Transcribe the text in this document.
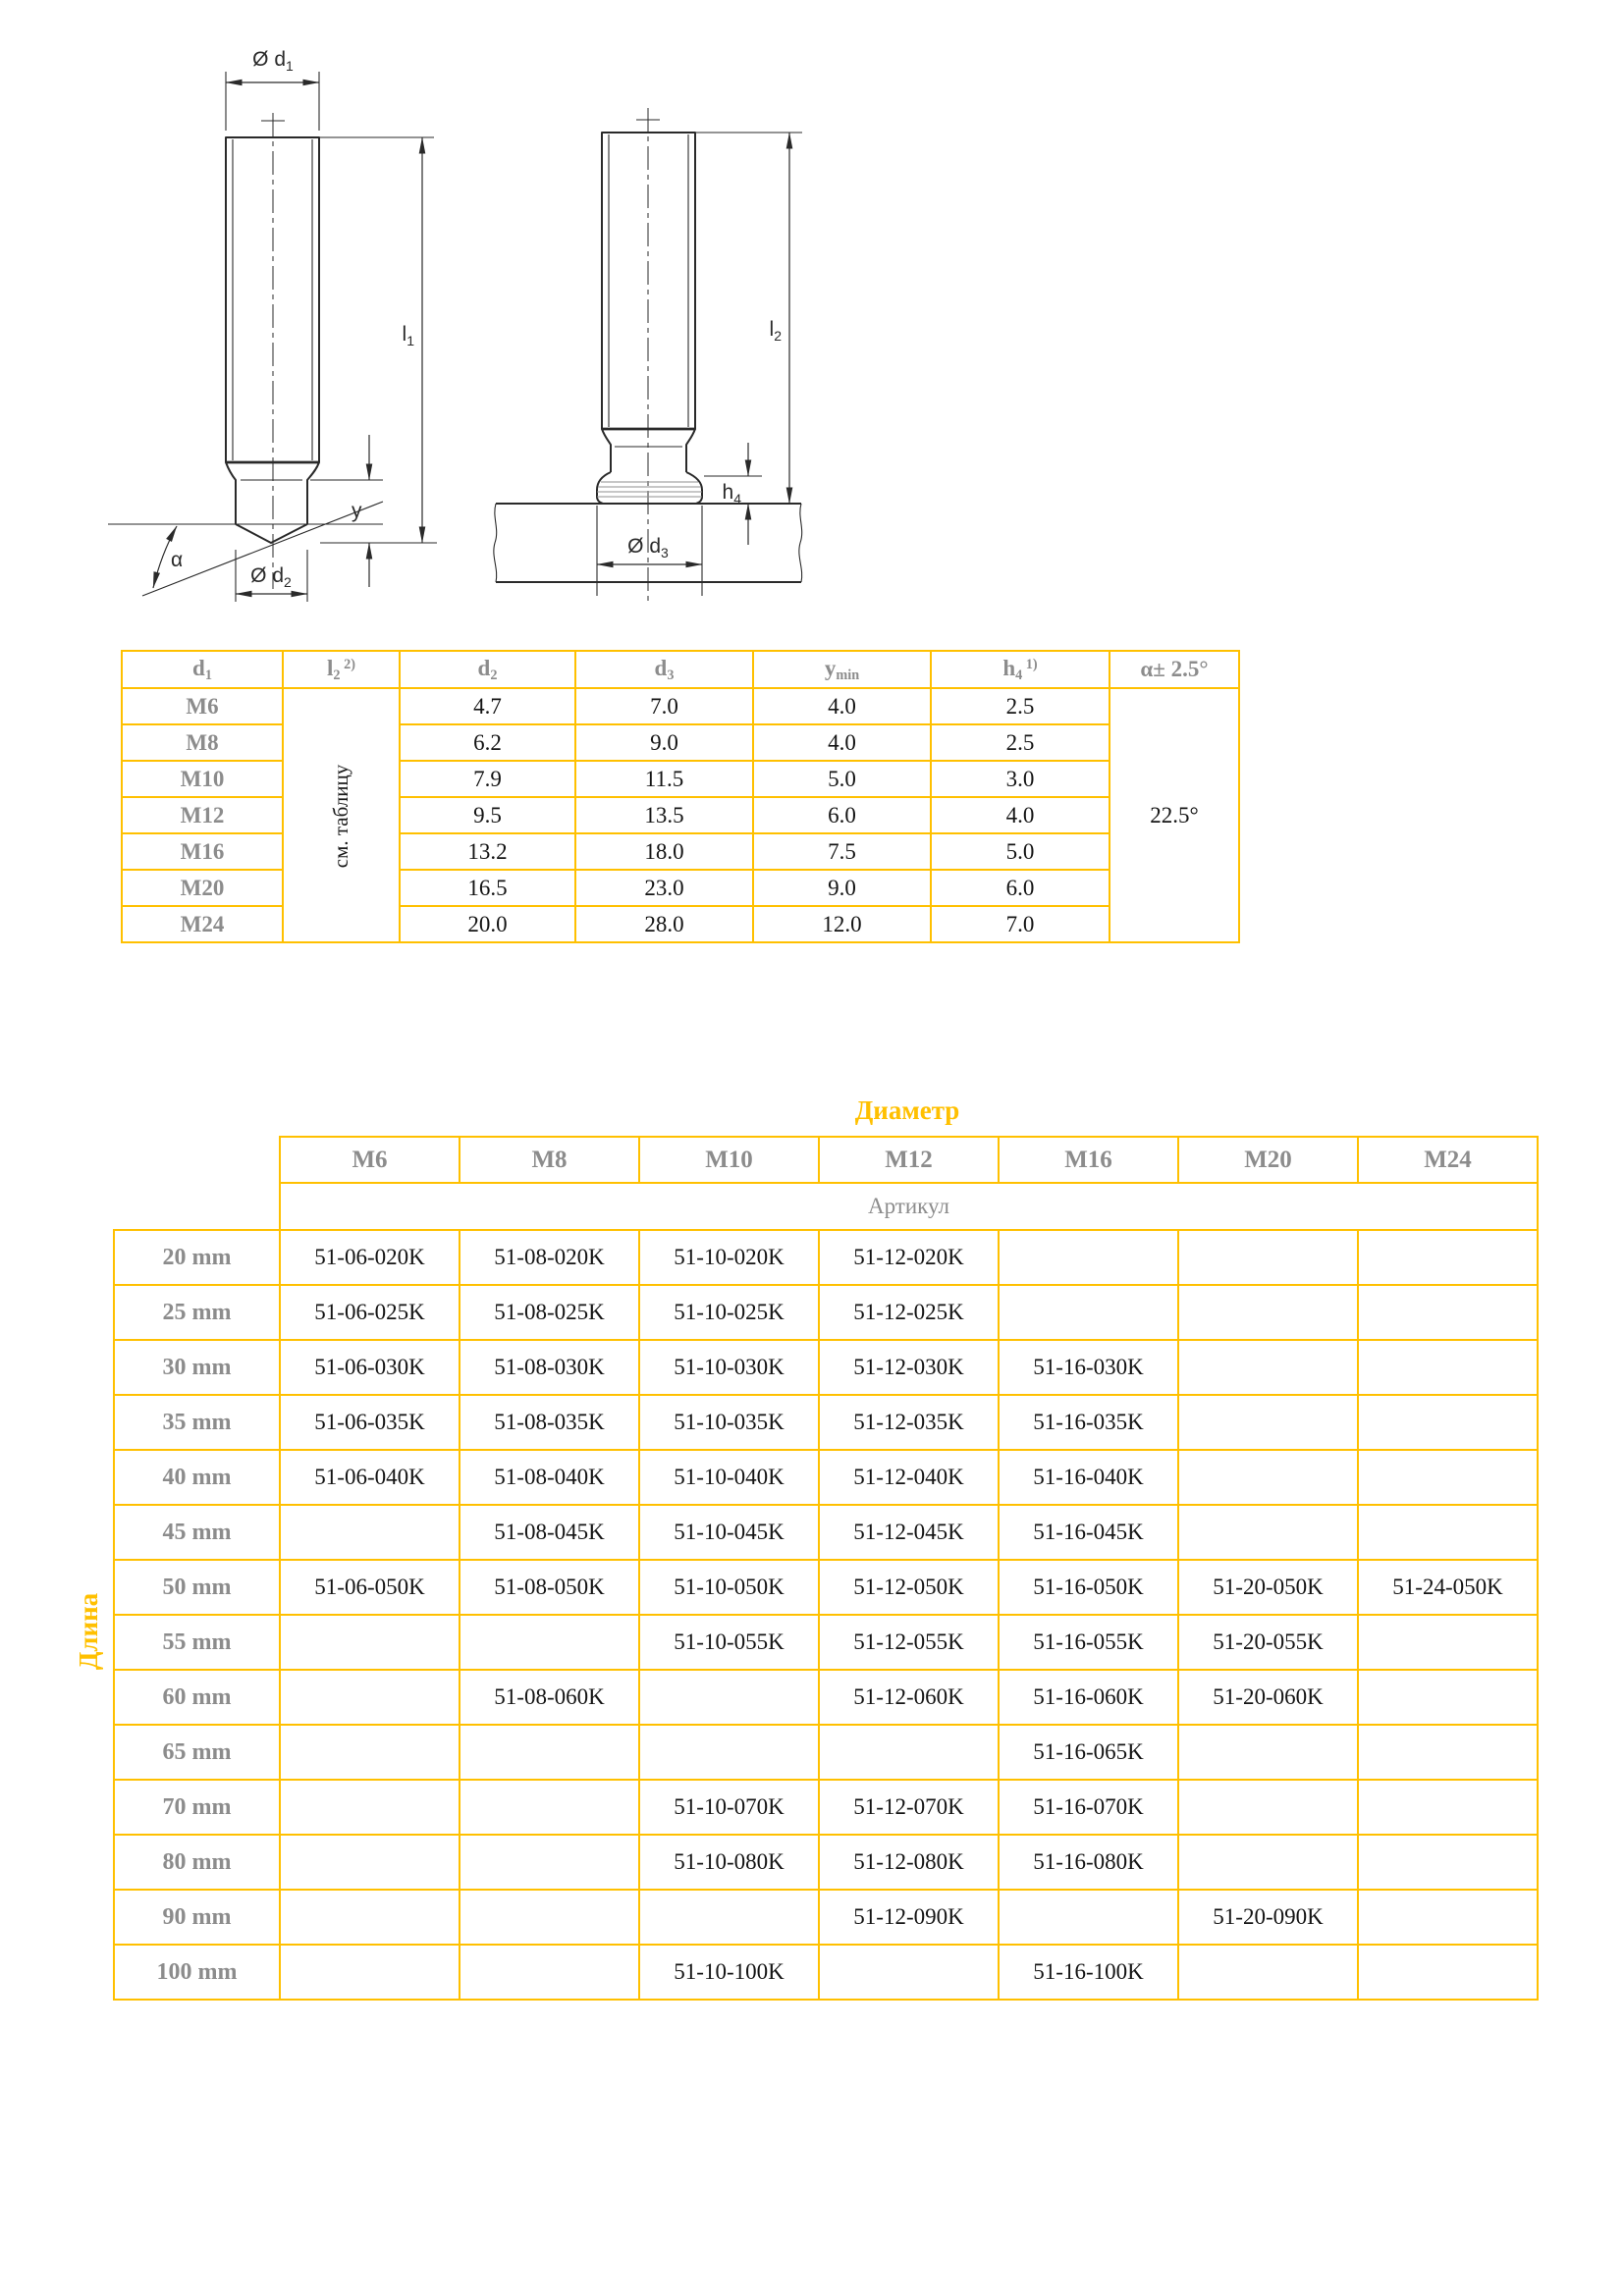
Ø $d_1$
α
y
Ø $d_2$
$l_1$
Ø $d_3$
$h_4$
$l_2$
d1	l2 $^{2)}$	d2	d3	ymin	h4 $^{1)}$	α± 2.5°
M6	см. таблицу	4.7	7.0	4.0	2.5	22.5°
M8		6.2	9.0	4.0	2.5	
M10		7.9	11.5	5.0	3.0	
M12		9.5	13.5	6.0	4.0	
M16		13.2	18.0	7.5	5.0	
M20		16.5	23.0	9.0	6.0	
M24		20.0	28.0	12.0	7.0	
Диаметр
Длина
	M6	M8	M10	M12	M16	M20	M24
	Артикул						
20 mm	51-06-020K	51-08-020K	51-10-020K	51-12-020K			
25 mm	51-06-025K	51-08-025K	51-10-025K	51-12-025K			
30 mm	51-06-030K	51-08-030K	51-10-030K	51-12-030K	51-16-030K		
35 mm	51-06-035K	51-08-035K	51-10-035K	51-12-035K	51-16-035K		
40 mm	51-06-040K	51-08-040K	51-10-040K	51-12-040K	51-16-040K		
45 mm		51-08-045K	51-10-045K	51-12-045K	51-16-045K		
50 mm	51-06-050K	51-08-050K	51-10-050K	51-12-050K	51-16-050K	51-20-050K	51-24-050K
55 mm			51-10-055K	51-12-055K	51-16-055K	51-20-055K	
60 mm		51-08-060K		51-12-060K	51-16-060K	51-20-060K	
65 mm					51-16-065K		
70 mm			51-10-070K	51-12-070K	51-16-070K		
80 mm			51-10-080K	51-12-080K	51-16-080K		
90 mm				51-12-090K		51-20-090K	
100 mm			51-10-100K		51-16-100K		
